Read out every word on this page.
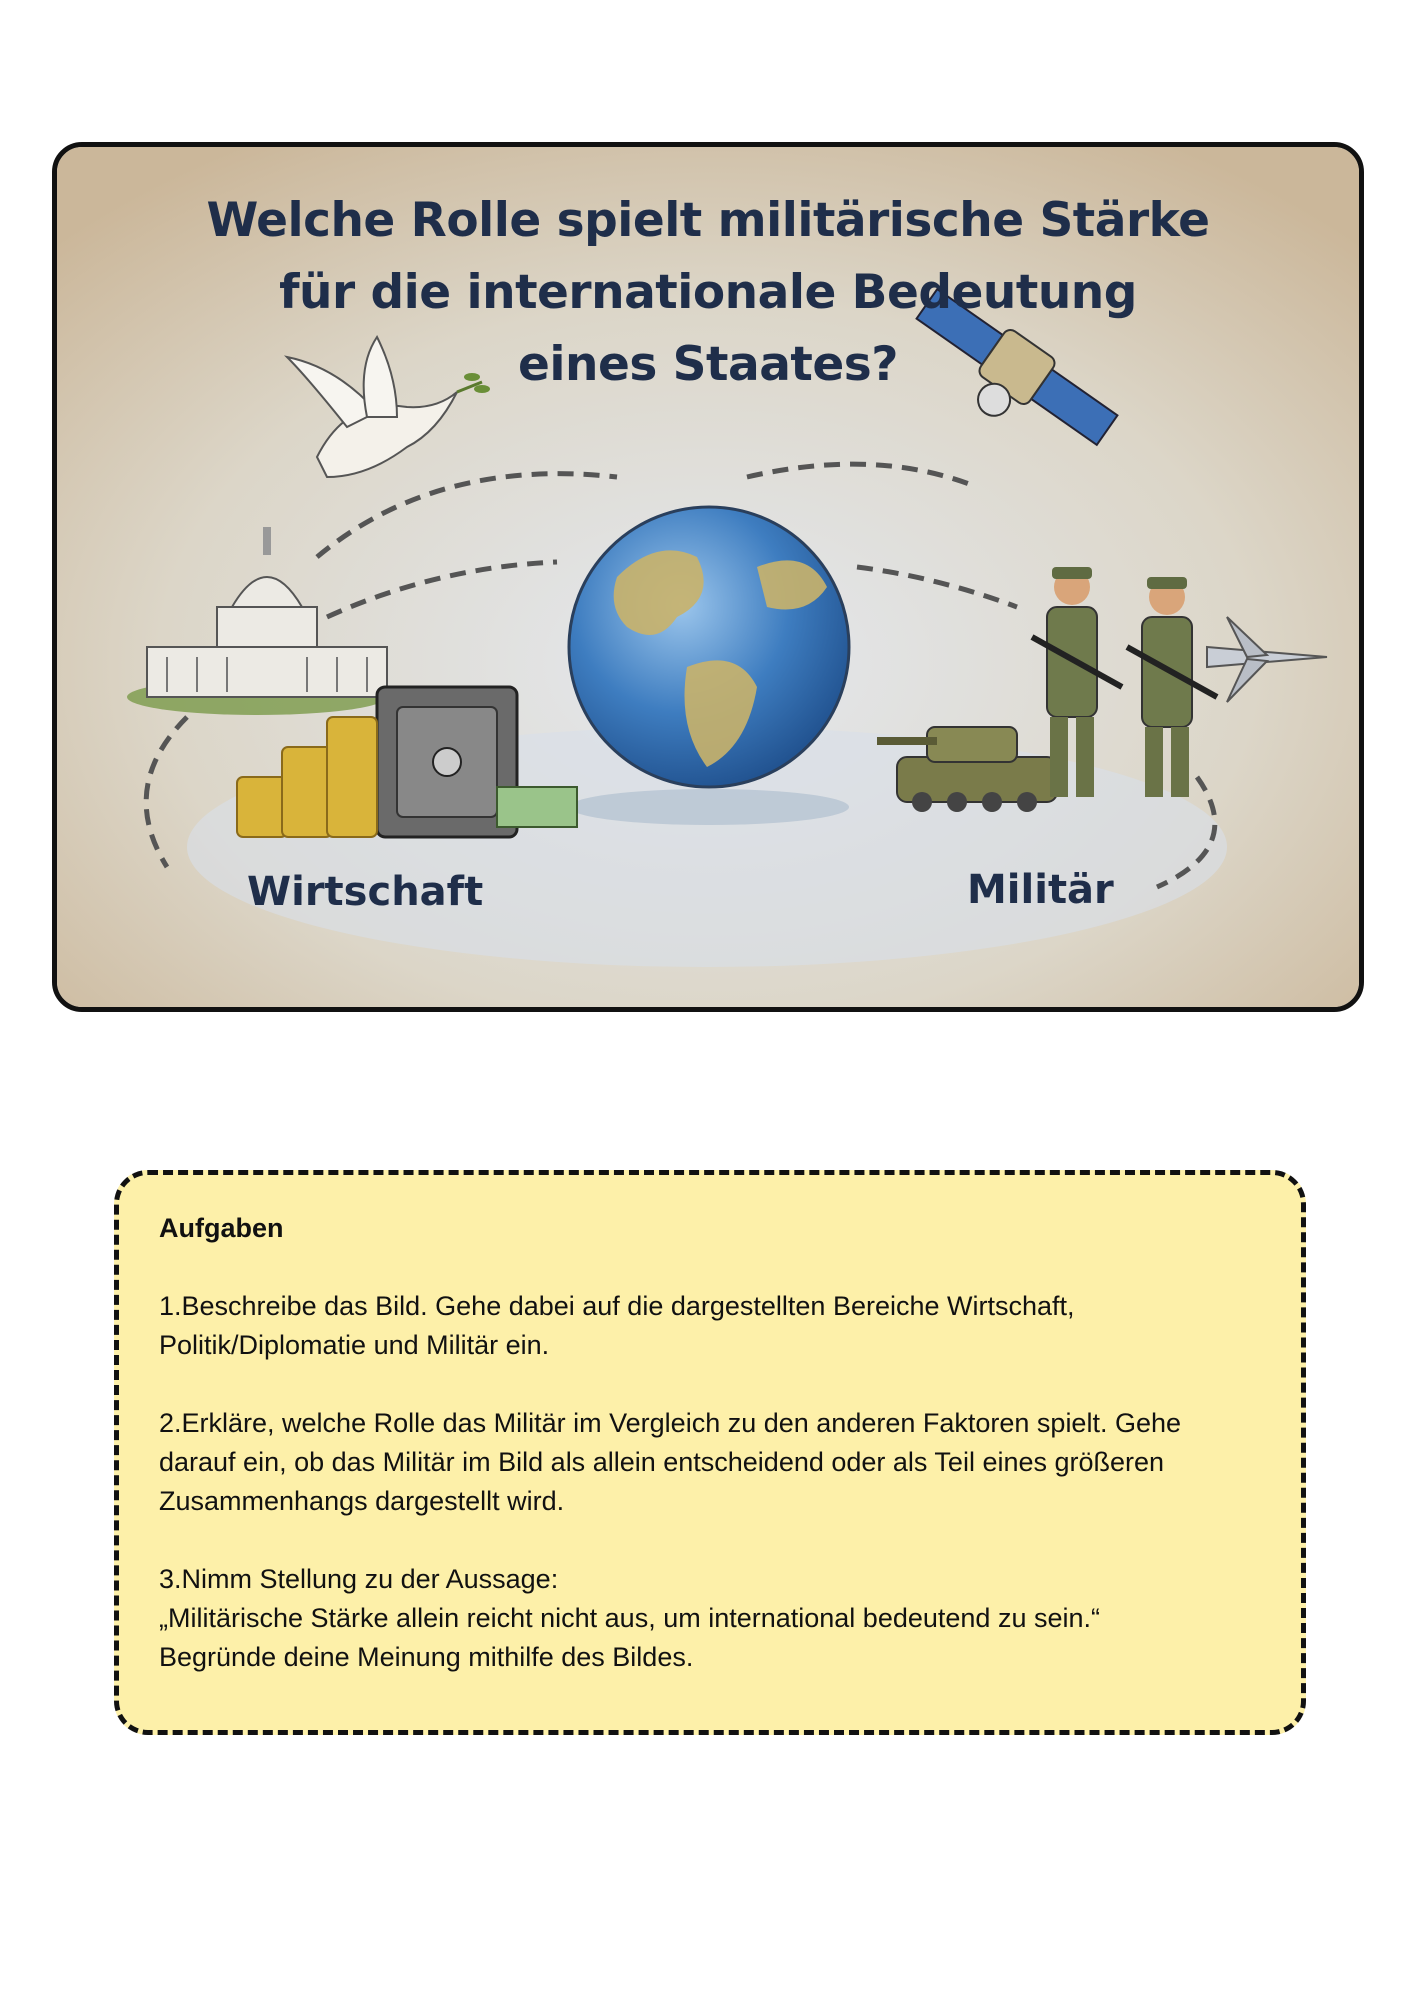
Welche Rolle spielt militärische Stärke
für die internationale Bedeutung
eines Staates?
Wirtschaft	Militär
Aufgaben
1.Beschreibe das Bild. Gehe dabei auf die dargestellten Bereiche Wirtschaft,
Politik/Diplomatie und Militär ein.
2.Erkläre, welche Rolle das Militär im Vergleich zu den anderen Faktoren spielt. Gehe
darauf ein, ob das Militär im Bild als allein entscheidend oder als Teil eines größeren
Zusammenhangs dargestellt wird.
3.Nimm Stellung zu der Aussage:
„Militärische Stärke allein reicht nicht aus, um international bedeutend zu sein.“
Begründe deine Meinung mithilfe des Bildes.
